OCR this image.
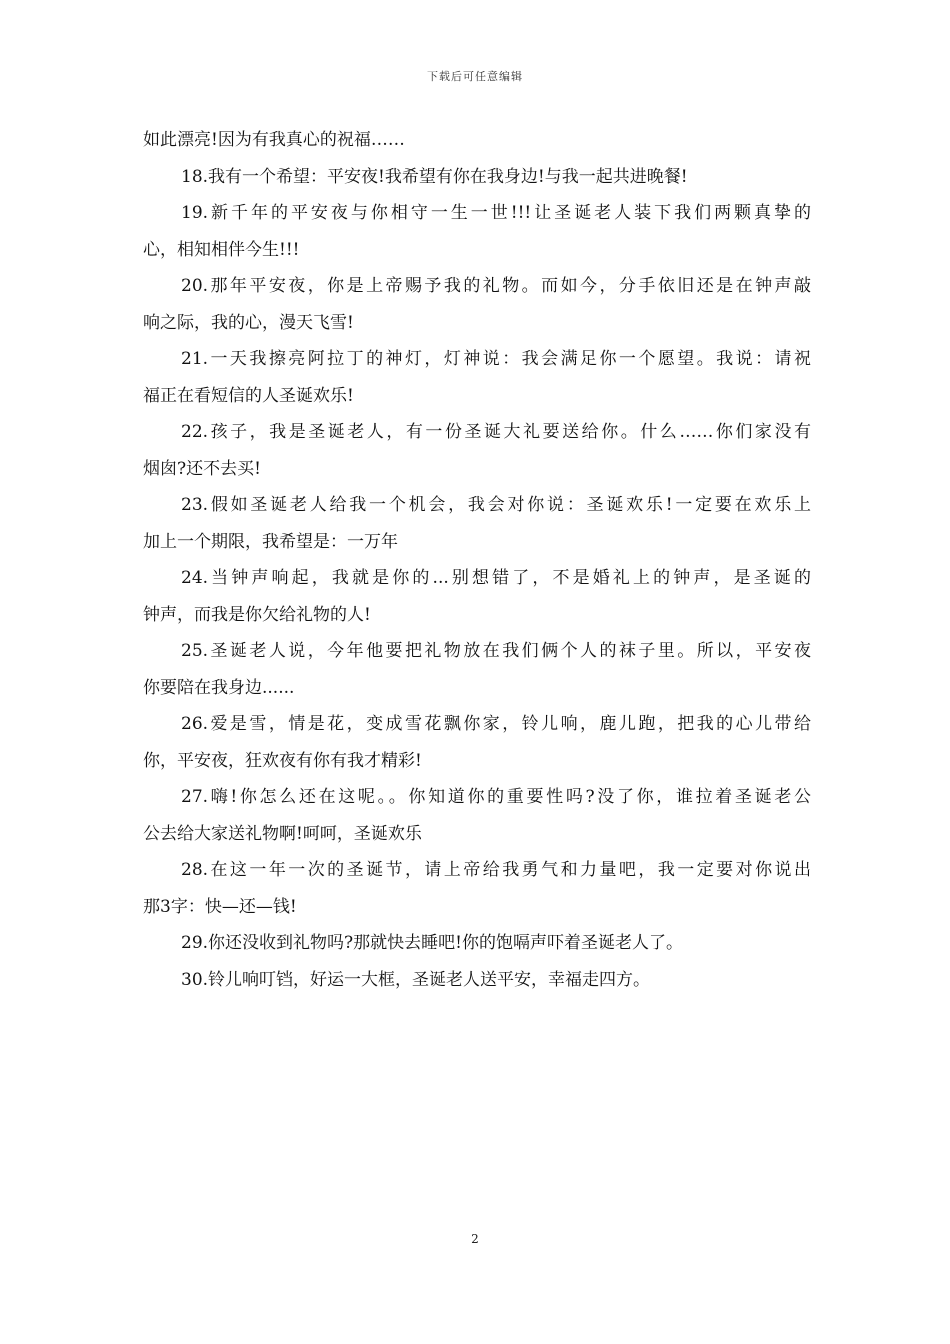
下载后可任意编辑
如此漂亮!因为有我真心的祝福……
18.我有一个希望：平安夜!我希望有你在我身边!与我一起共进晚餐!
19.新千年的平安夜与你相守一生一世!!!让圣诞老人装下我们两颗真挚的
心，相知相伴今生!!!
20.那年平安夜，你是上帝赐予我的礼物。而如今，分手依旧还是在钟声敲
响之际，我的心，漫天飞雪!
21.一天我擦亮阿拉丁的神灯，灯神说：我会满足你一个愿望。我说：请祝
福正在看短信的人圣诞欢乐!
22.孩子，我是圣诞老人，有一份圣诞大礼要送给你。什么……你们家没有
烟囱?还不去买!
23.假如圣诞老人给我一个机会，我会对你说：圣诞欢乐!一定要在欢乐上
加上一个期限，我希望是：一万年
24.当钟声响起，我就是你的...别想错了，不是婚礼上的钟声，是圣诞的
钟声，而我是你欠给礼物的人!
25.圣诞老人说，今年他要把礼物放在我们俩个人的袜子里。所以，平安夜
你要陪在我身边......
26.爱是雪，情是花，变成雪花飘你家，铃儿响，鹿儿跑，把我的心儿带给
你，平安夜，狂欢夜有你有我才精彩!
27.嗨!你怎么还在这呢。。你知道你的重要性吗?没了你，谁拉着圣诞老公
公去给大家送礼物啊!呵呵，圣诞欢乐
28.在这一年一次的圣诞节，请上帝给我勇气和力量吧，我一定要对你说出
那3字：快—还—钱!
29.你还没收到礼物吗?那就快去睡吧!你的饱嗝声吓着圣诞老人了。
30.铃儿响叮铛，好运一大框，圣诞老人送平安，幸福走四方。
2
